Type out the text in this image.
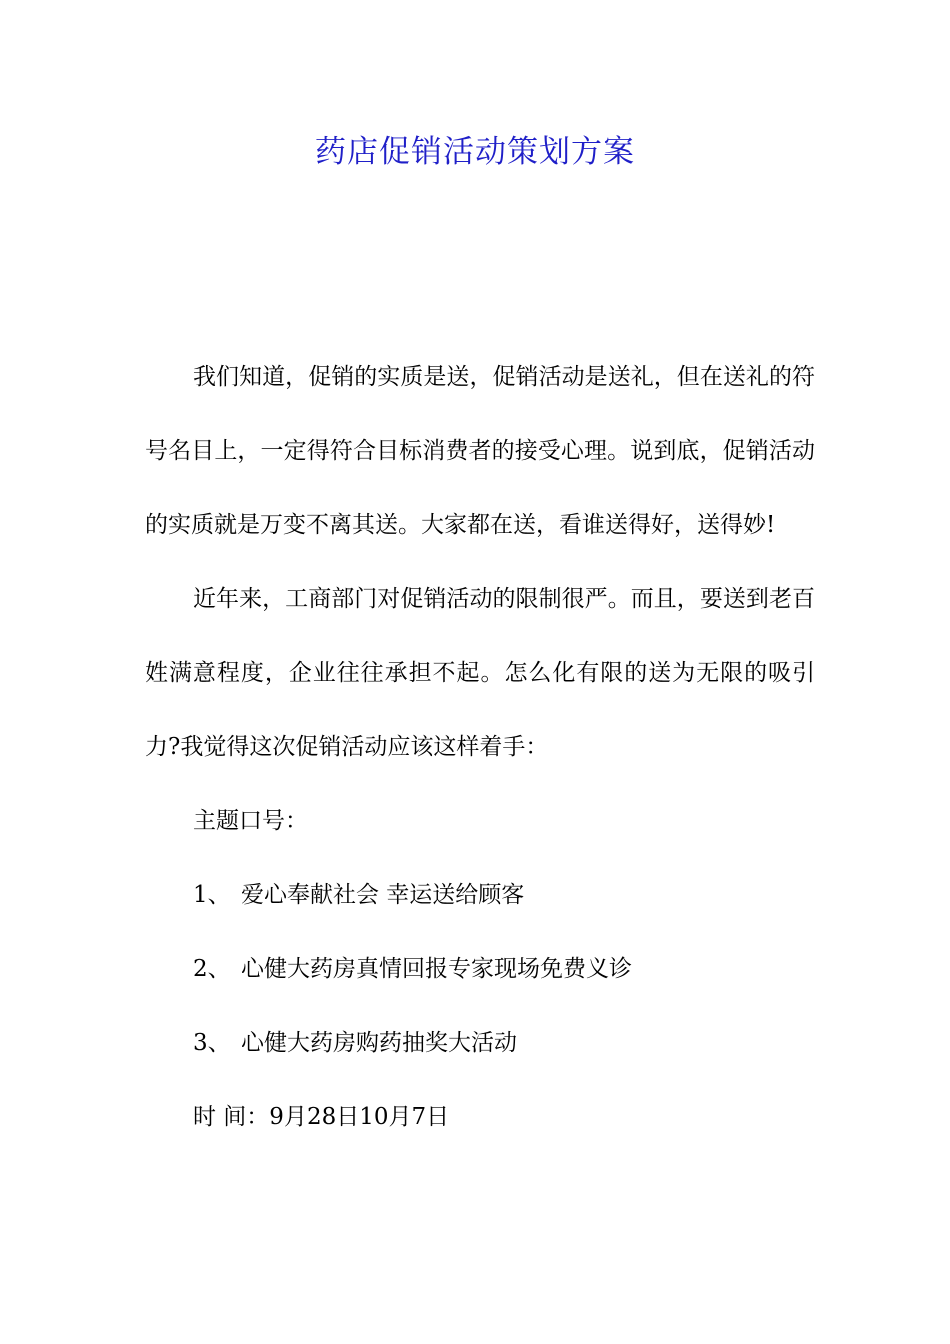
药店促销活动策划方案

我们知道，促销的实质是送，促销活动是送礼，但在送礼的符号名目上，一定得符合目标消费者的接受心理。说到底，促销活动的实质就是万变不离其送。大家都在送，看谁送得好，送得妙!

近年来，工商部门对促销活动的限制很严。而且，要送到老百姓满意程度，企业往往承担不起。怎么化有限的送为无限的吸引力?我觉得这次促销活动应该这样着手：

主题口号：

1、 爱心奉献社会 幸运送给顾客

2、 心健大药房真情回报专家现场免费义诊

3、 心健大药房购药抽奖大活动

时 间：9月28日10月7日
